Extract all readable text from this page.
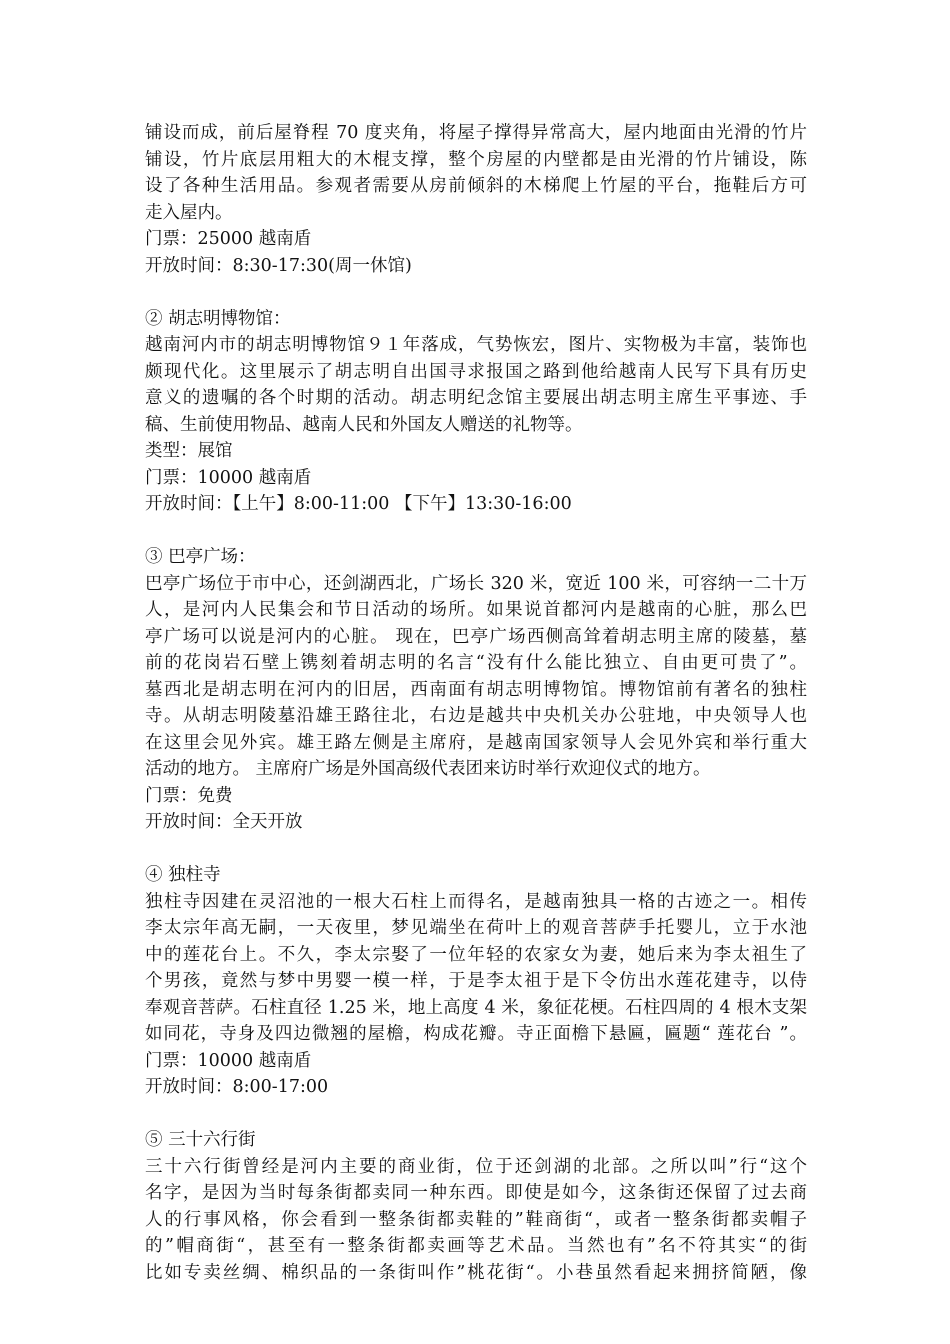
铺设而成，前后屋脊程 70 度夹角，将屋子撑得异常高大，屋内地面由光滑的竹片
铺设，竹片底层用粗大的木棍支撑，整个房屋的内壁都是由光滑的竹片铺设，陈
设了各种生活用品。参观者需要从房前倾斜的木梯爬上竹屋的平台，拖鞋后方可
走入屋内。
门票：25000 越南盾
开放时间：8:30-17:30(周一休馆)
② 胡志明博物馆：
越南河内市的胡志明博物馆９１年落成，气势恢宏，图片、实物极为丰富，装饰也
颇现代化。这里展示了胡志明自出国寻求报国之路到他给越南人民写下具有历史
意义的遗嘱的各个时期的活动。胡志明纪念馆主要展出胡志明主席生平事迹、手
稿、生前使用物品、越南人民和外国友人赠送的礼物等。
类型：展馆
门票：10000 越南盾
开放时间：【上午】8:00-11:00 【下午】13:30-16:00
③ 巴亭广场：
巴亭广场位于市中心，还剑湖西北，广场长 320 米，宽近 100 米，可容纳一二十万
人，是河内人民集会和节日活动的场所。如果说首都河内是越南的心脏，那么巴
亭广场可以说是河内的心脏。 现在，巴亭广场西侧高耸着胡志明主席的陵墓，墓
前的花岗岩石壁上镌刻着胡志明的名言“没有什么能比独立、自由更可贵了”。
墓西北是胡志明在河内的旧居，西南面有胡志明博物馆。博物馆前有著名的独柱
寺。从胡志明陵墓沿雄王路往北，右边是越共中央机关办公驻地，中央领导人也
在这里会见外宾。雄王路左侧是主席府，是越南国家领导人会见外宾和举行重大
活动的地方。 主席府广场是外国高级代表团来访时举行欢迎仪式的地方。
门票：免费
开放时间：全天开放
④ 独柱寺
独柱寺因建在灵沼池的一根大石柱上而得名，是越南独具一格的古迹之一。相传
李太宗年高无嗣，一天夜里，梦见端坐在荷叶上的观音菩萨手托婴儿，立于水池
中的莲花台上。不久，李太宗娶了一位年轻的农家女为妻，她后来为李太祖生了
个男孩，竟然与梦中男婴一模一样，于是李太祖于是下令仿出水莲花建寺，以侍
奉观音菩萨。石柱直径 1.25 米，地上高度 4 米，象征花梗。石柱四周的 4 根木支架
如同花，寺身及四边微翘的屋檐，构成花瓣。寺正面檐下悬匾，匾题“ 莲花台 ”。
门票：10000 越南盾
开放时间：8:00-17:00
⑤ 三十六行街
三十六行街曾经是河内主要的商业街，位于还剑湖的北部。之所以叫”行“这个
名字，是因为当时每条街都卖同一种东西。即使是如今，这条街还保留了过去商
人的行事风格，你会看到一整条街都卖鞋的”鞋商街“，或者一整条街都卖帽子
的”帽商街“，甚至有一整条街都卖画等艺术品。当然也有”名不符其实“的街
比如专卖丝绸、棉织品的一条街叫作”桃花街“。小巷虽然看起来拥挤简陋，像
